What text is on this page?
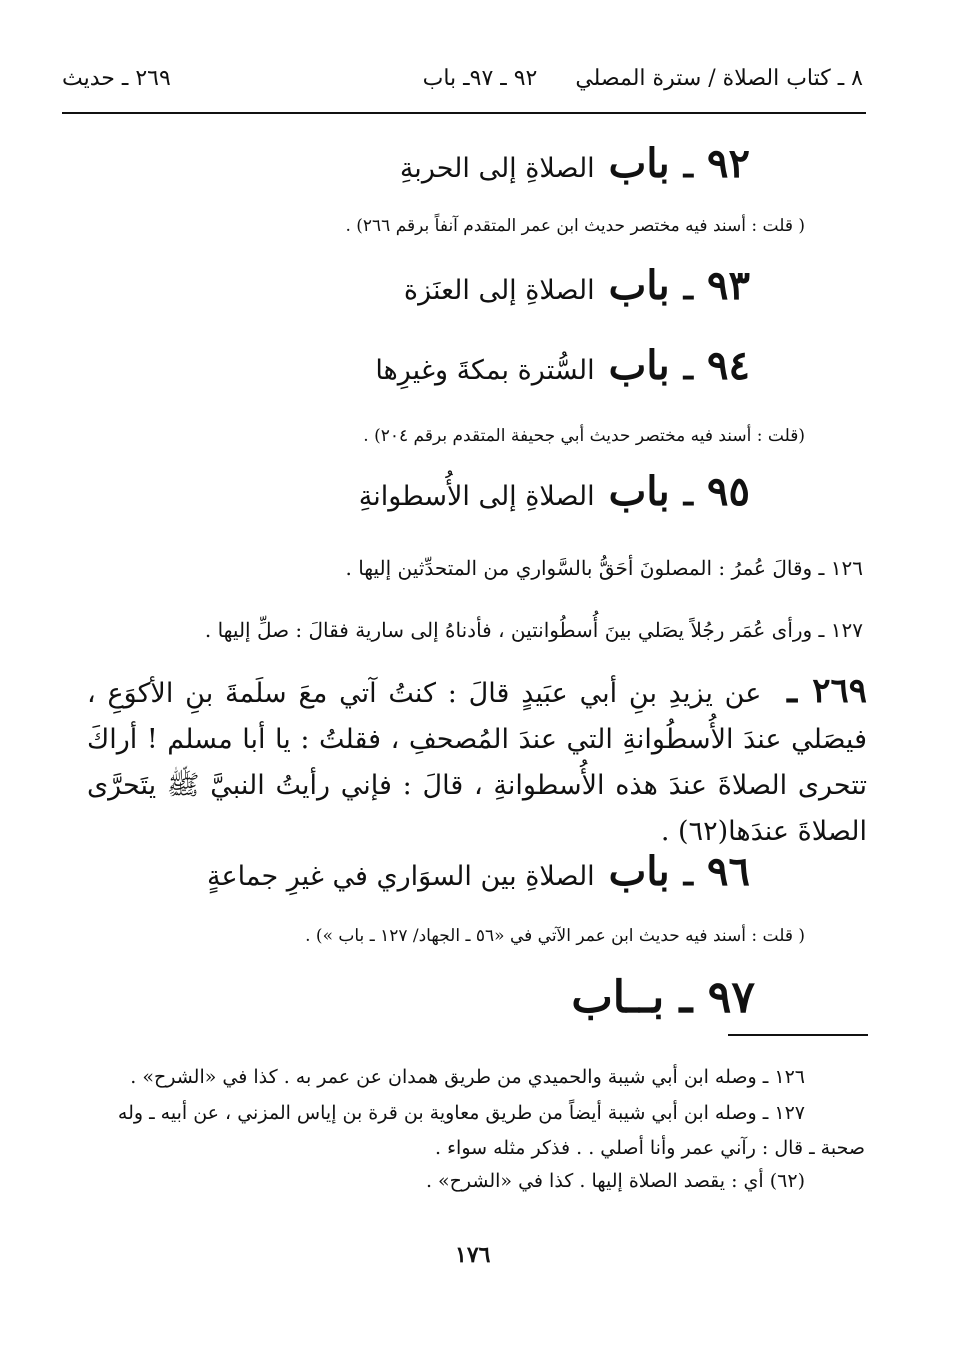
٨ ـ كتاب الصلاة / سترة المصلي
٩٢ ـ ٩٧ـ باب
٢٦٩ ـ حديث
٩٢
ـ
باب
الصلاةِ إلى الحربةِ
( قلت : أسند فيه مختصر حديث ابن عمر المتقدم آنفاً برقم ٢٦٦) .
٩٣
ـ
باب
الصلاةِ إلى العنَزة
٩٤
ـ
باب
السُّترة بمكةَ وغيرِها
(قلت : أسند فيه مختصر حديث أبي جحيفة المتقدم برقم ٢٠٤) .
٩٥
ـ
باب
الصلاةِ إلى الأُسطوانةِ
١٢٦ ـ وقالَ عُمرُ : المصلونَ أحَقُّ بالسَّواري من المتحدِّثين إليها .
١٢٧ ـ ورأى عُمَر رجُلاً يصَلي بينَ أُسطُوانتين ، فأدناهُ إلى سارية فقالَ : صلِّ إليها .
٢٦٩ ـ عن يزيدِ بنِ أبي عبَيدٍ قالَ : كنتُ آتي معَ سلَمةَ بنِ الأكوَعِ ، فيصَلي عندَ الأُسطُوانةِ التي عندَ المُصحفِ ، فقلتُ : يا أبا مسلم ! أراكَ تتحرى الصلاةَ عندَ هذه الأُسطوانةِ ، قالَ : فإني رأيتُ النبيَّ ﷺ يتَحرَّى الصلاةَ عندَها(٦٢) .
٩٦
ـ
باب
الصلاةِ بين السوَاري في غيرِ جماعةٍ
( قلت : أسند فيه حديث ابن عمر الآتي في «٥٦ ـ الجهاد/ ١٢٧ ـ باب ») .
٩٧ ـ بــاب
١٢٦ ـ وصله ابن أبي شيبة والحميدي من طريق همدان عن عمر به . كذا في «الشرح» .
١٢٧ ـ وصله ابن أبي شيبة أيضاً من طريق معاوية بن قرة بن إياس المزني ، عن أبيه ـ وله
صحبة ـ قال : رآني عمر وأنا أصلي . . فذكر مثله سواء .
(٦٢) أي : يقصد الصلاة إليها . كذا في «الشرح» .
١٧٦
